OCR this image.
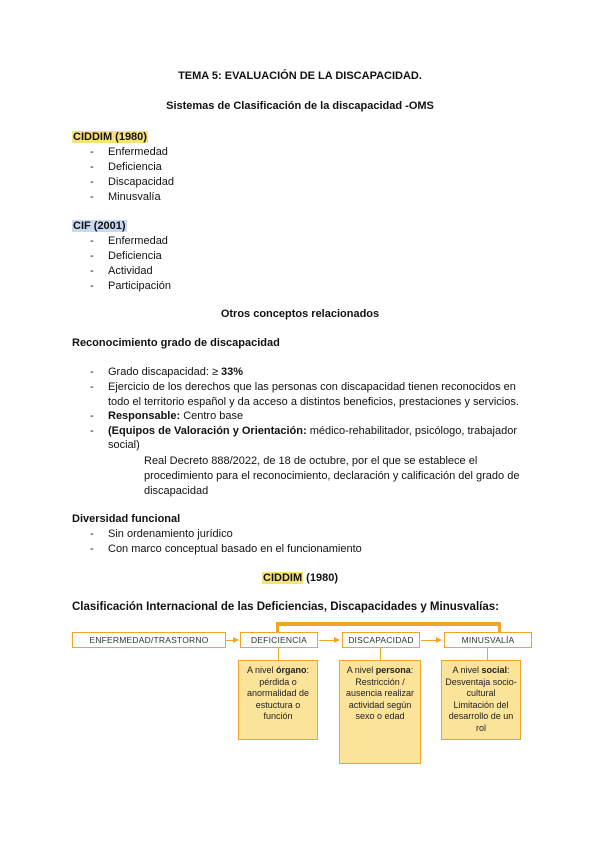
TEMA 5: EVALUACIÓN DE LA DISCAPACIDAD.
Sistemas de Clasificación de la discapacidad -OMS
CIDDIM (1980)
- Enfermedad
- Deficiencia
- Discapacidad
- Minusvalía
CIF (2001)
- Enfermedad
- Deficiencia
- Actividad
- Participación
Otros conceptos relacionados
Reconocimiento grado de discapacidad
- Grado discapacidad: ≥ 33%
- Ejercicio de los derechos que las personas con discapacidad tienen reconocidos en
todo el territorio español y da acceso a distintos beneficios, prestaciones y servicios.
- Responsable: Centro base
- (Equipos de Valoración y Orientación: médico-rehabilitador, psicólogo, trabajador
social)
Real Decreto 888/2022, de 18 de octubre, por el que se establece el
procedimiento para el reconocimiento, declaración y calificación del grado de
discapacidad
Diversidad funcional
- Sin ordenamiento jurídico
- Con marco conceptual basado en el funcionamiento
CIDDIM (1980)
Clasificación Internacional de las Deficiencias, Discapacidades y Minusvalías:
ENFERMEDAD/TRASTORNO	DEFICIENCIA	DISCAPACIDAD	MINUSVALÍA
A nivel órgano: pérdida o anormalidad de estuctura o función
A nivel persona: Restricción / ausencia realizar actividad según sexo o edad
A nivel social: Desventaja socio-cultural Limitación del desarrollo de un rol
